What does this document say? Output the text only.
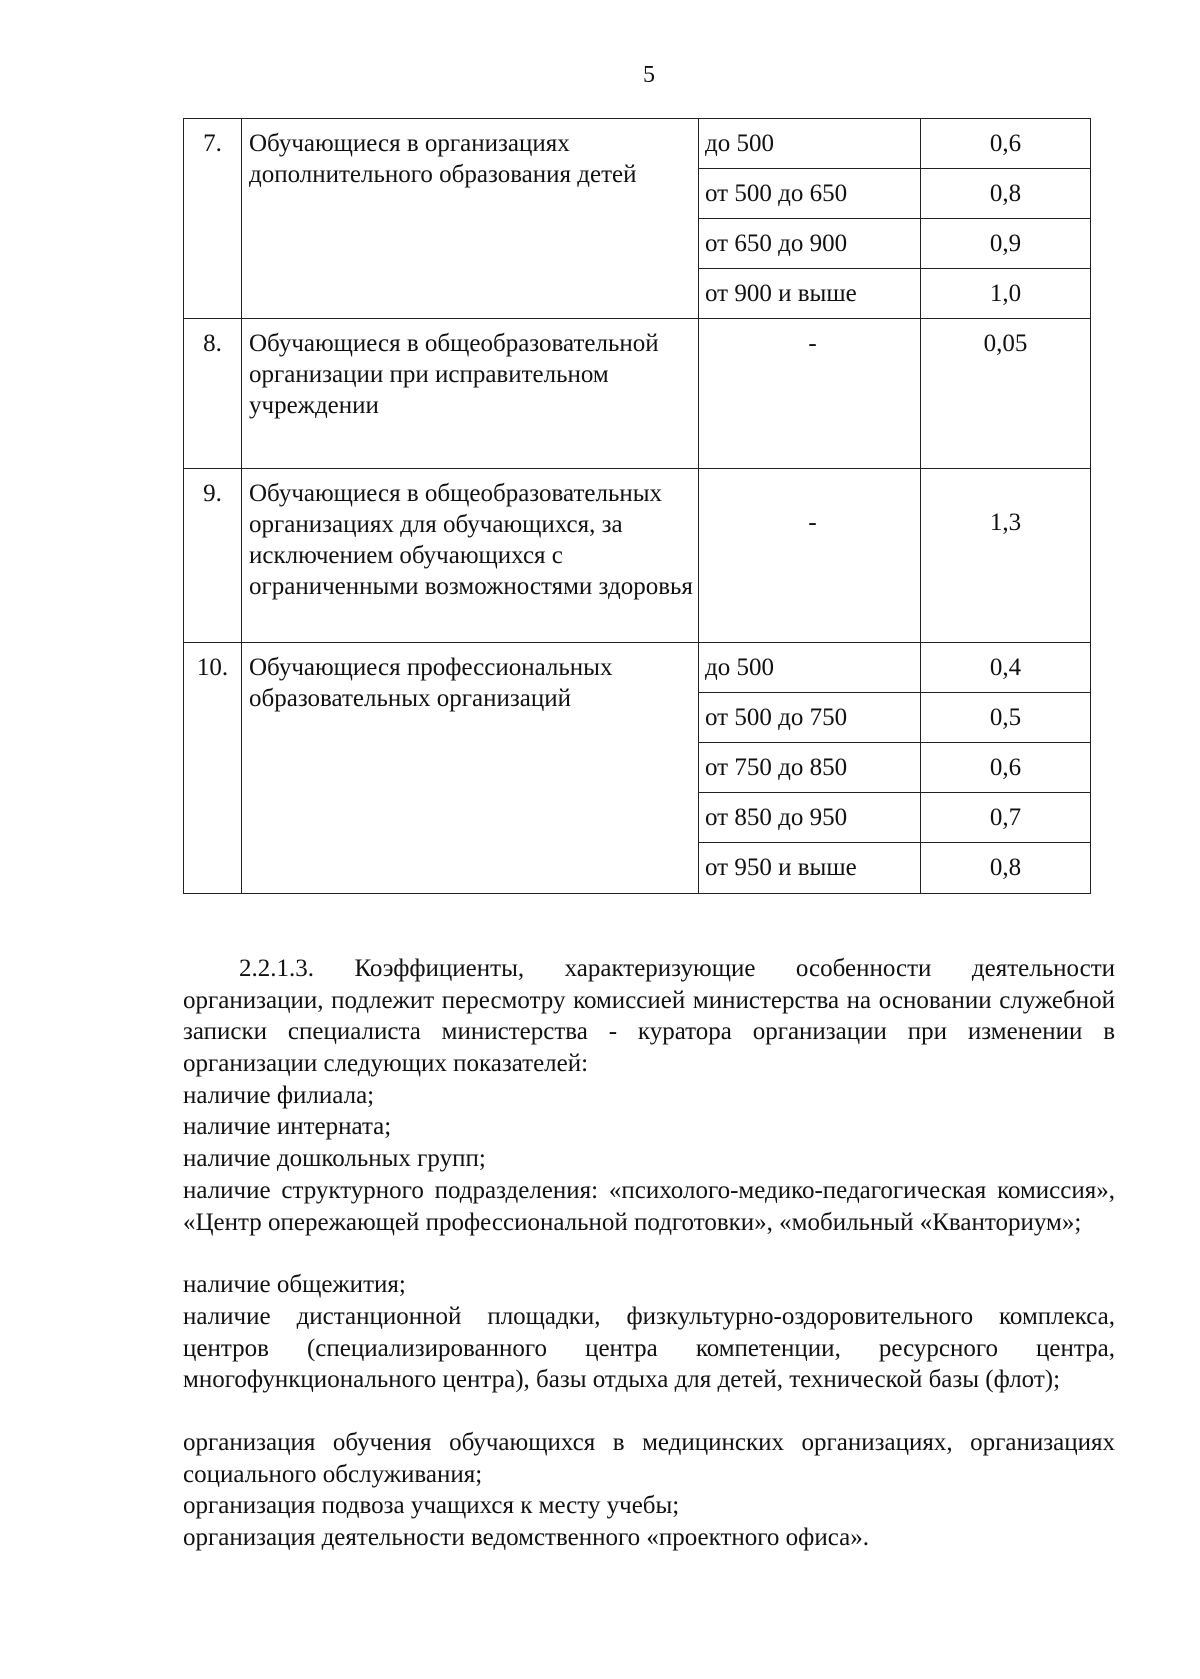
5
7.	Обучающиеся в организациях дополнительного образования детей	до 500	0,6
		от 500 до 650	0,8
		от 650 до 900	0,9
		от 900 и выше	1,0
8.	Обучающиеся в общеобразовательной организации при исправительном учреждении	-	0,05
9.	Обучающиеся в общеобразовательных организациях для обучающихся, за исключением обучающихся с ограниченными возможностями здоровья	-	1,3
10.	Обучающиеся профессиональных образовательных организаций	до 500	0,4
		от 500 до 750	0,5
		от 750 до 850	0,6
		от 850 до 950	0,7
		от 950 и выше	0,8
2.2.1.3. Коэффициенты, характеризующие особенности деятельности организации, подлежит пересмотру комиссией министерства на основании служебной записки специалиста министерства - куратора организации при изменении в организации следующих показателей:
наличие филиала;
наличие интерната;
наличие дошкольных групп;
наличие структурного подразделения: «психолого-медико-педагогическая комиссия», «Центр опережающей профессиональной подготовки», «мобильный «Кванториум»;
наличие общежития;
наличие дистанционной площадки, физкультурно-оздоровительного комплекса, центров (специализированного центра компетенции, ресурсного центра, многофункционального центра), базы отдыха для детей, технической базы (флот);
организация обучения обучающихся в медицинских организациях, организациях социального обслуживания;
организация подвоза учащихся к месту учебы;
организация деятельности ведомственного «проектного офиса».
